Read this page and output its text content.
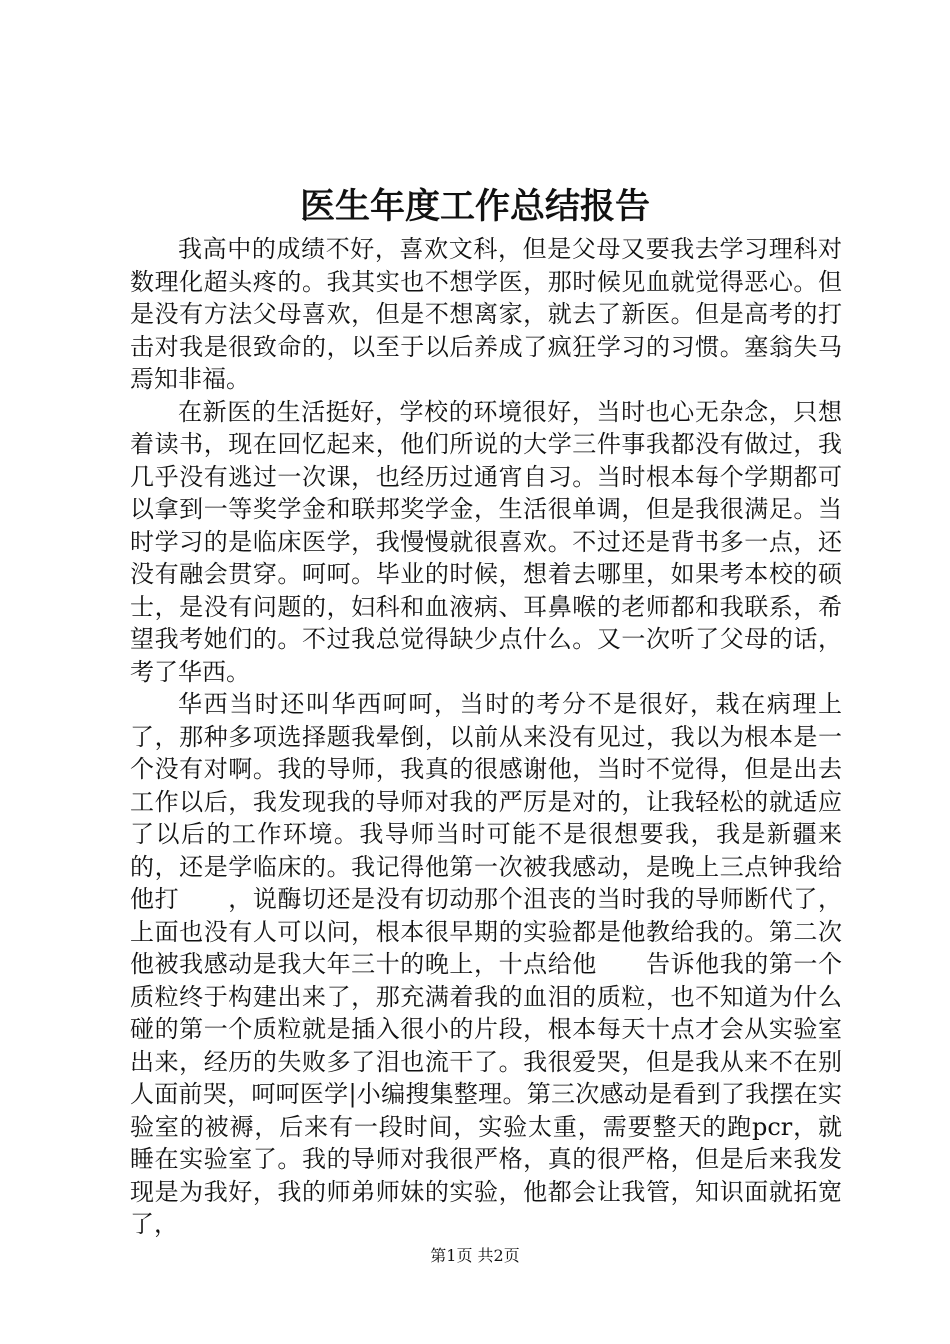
医生年度工作总结报告

我高中的成绩不好，喜欢文科，但是父母又要我去学习理科对数理化超头疼的。我其实也不想学医，那时候见血就觉得恶心。但是没有方法父母喜欢，但是不想离家，就去了新医。但是高考的打击对我是很致命的，以至于以后养成了疯狂学习的习惯。塞翁失马焉知非福。

在新医的生活挺好，学校的环境很好，当时也心无杂念，只想着读书，现在回忆起来，他们所说的大学三件事我都没有做过，我几乎没有逃过一次课，也经历过通宵自习。当时根本每个学期都可以拿到一等奖学金和联邦奖学金，生活很单调，但是我很满足。当时学习的是临床医学，我慢慢就很喜欢。不过还是背书多一点，还没有融会贯穿。呵呵。毕业的时候，想着去哪里，如果考本校的硕士，是没有问题的，妇科和血液病、耳鼻喉的老师都和我联系，希望我考她们的。不过我总觉得缺少点什么。又一次听了父母的话，考了华西。

华西当时还叫华西呵呵，当时的考分不是很好，栽在病理上了，那种多项选择题我晕倒，以前从来没有见过，我以为根本是一个没有对啊。我的导师，我真的很感谢他，当时不觉得，但是出去工作以后，我发现我的导师对我的严厉是对的，让我轻松的就适应了以后的工作环境。我导师当时可能不是很想要我，我是新疆来的，还是学临床的。我记得他第一次被我感动，是晚上三点钟我给他打　　，说酶切还是没有切动那个沮丧的当时我的导师断代了，上面也没有人可以问，根本很早期的实验都是他教给我的。第二次他被我感动是我大年三十的晚上，十点给他　　告诉他我的第一个质粒终于构建出来了，那充满着我的血泪的质粒，也不知道为什么碰的第一个质粒就是插入很小的片段，根本每天十点才会从实验室出来，经历的失败多了泪也流干了。我很爱哭，但是我从来不在别人面前哭，呵呵医学|小编搜集整理。第三次感动是看到了我摆在实验室的被褥，后来有一段时间，实验太重，需要整天的跑pcr，就睡在实验室了。我的导师对我很严格，真的很严格，但是后来我发现是为我好，我的师弟师妹的实验，他都会让我管，知识面就拓宽了，

第1页 共2页
